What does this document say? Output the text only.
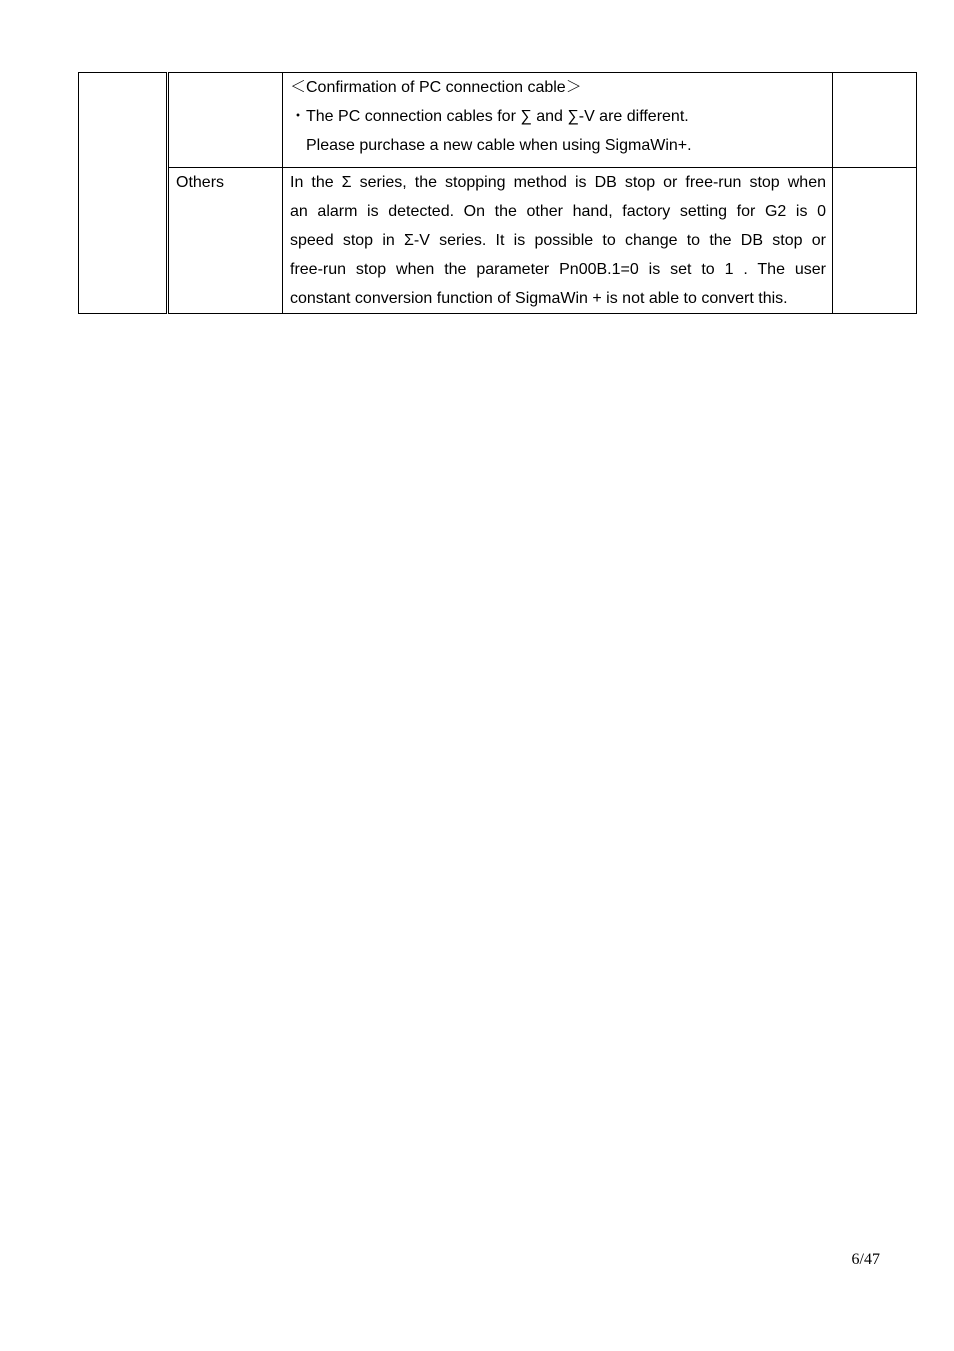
		＜Confirmation of PC connection cable＞
・The PC connection cables for ∑ and ∑-V are different.
Please purchase a new cable when using SigmaWin+.	

	Others	In the Σ series, the stopping method is DB stop or free-run stop when
an alarm is detected. On the other hand, factory setting for G2 is 0
speed stop in Σ-V series. It is possible to change to the DB stop or
free-run stop when the parameter Pn00B.1=0 is set to 1 . The user
constant conversion function of SigmaWin + is not able to convert this.	

6/47
